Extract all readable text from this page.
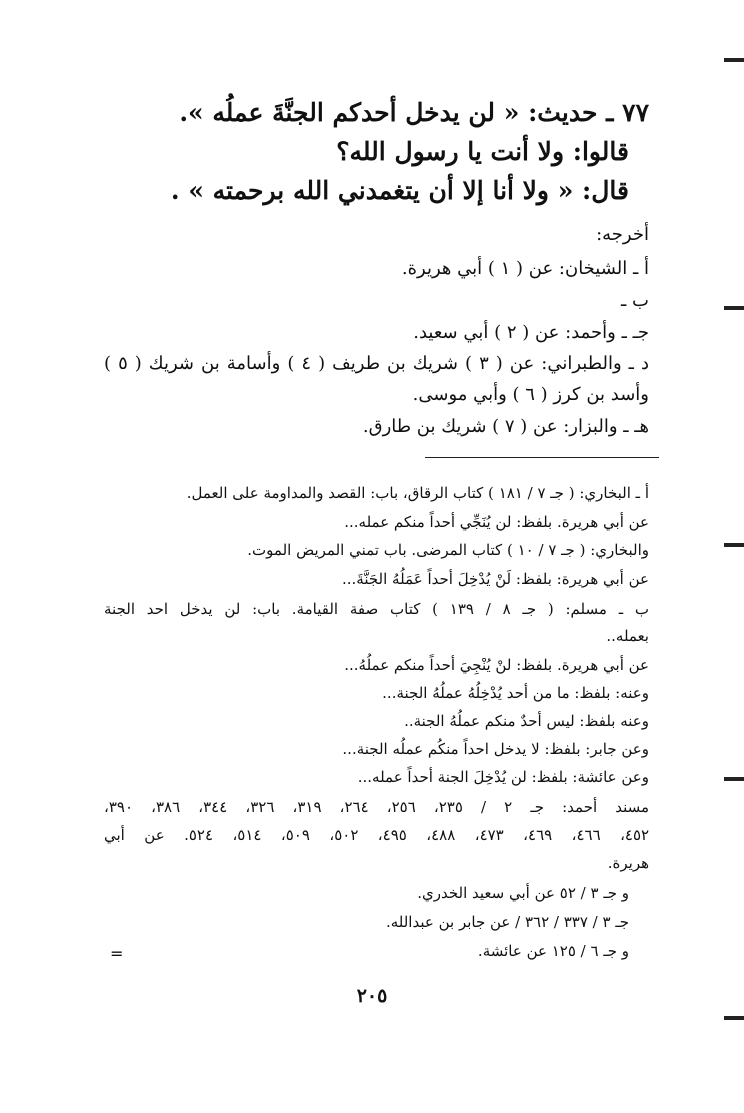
٧٧ ـ حديث: « لن يدخل أحدكم الجنَّةَ عملُه ».
قالوا: ولا أنت يا رسول الله؟
قال: « ولا أنا إلا أن يتغمدني الله برحمته » .
أخرجه:
أ ـ الشيخان: عن ( ١ ) أبي هريرة.
ب ـ
جـ ـ وأحمد: عن ( ٢ ) أبي سعيد.
د ـ والطبراني: عن ( ٣ ) شريك بن طريف ( ٤ ) وأسامة بن شريك ( ٥ )
وأسد بن كرز ( ٦ ) وأبي موسى.
هـ ـ والبزار: عن ( ٧ ) شريك بن طارق.
أ ـ البخاري: ( جـ ٧ / ١٨١ ) كتاب الرقاق، باب: القصد والمداومة على العمل.
عن أبي هريرة. بلفظ: لن يُنَجِّي أحداً منكم عمله...
والبخاري: ( جـ ٧ / ١٠ ) كتاب المرضى. باب تمني المريض الموت.
عن أبي هريرة: بلفظ: لَنْ يُدْخِلَ أحداً عَمَلُهُ الجَنَّةَ...
ب ـ مسلم: ( جـ ٨ / ١٣٩ ) كتاب صفة القيامة. باب: لن يدخل احد الجنة
بعمله..
عن أبي هريرة. بلفظ: لنْ يُنْجِيَ أحداً منكم عملُهُ...
وعنه: بلفظ: ما من أحد يُدْخِلُهُ عملُهُ الجنة...
وعنه بلفظ: ليس أحدٌ منكم عملُهُ الجنة..
وعن جابر: بلفظ: لا يدخل احداً منكُم عملُه الجنة...
وعن عائشة: بلفظ: لن يُدْخِلَ الجنة أحداً عمله...
مسند أحمد: جـ ٢ / ٢٣٥، ٢٥٦، ٢٦٤، ٣١٩، ٣٢٦، ٣٤٤، ٣٨٦، ٣٩٠،
٤٥٢، ٤٦٦، ٤٦٩، ٤٧٣، ٤٨٨، ٤٩٥، ٥٠٢، ٥٠٩، ٥١٤، ٥٢٤. عن أبي
هريرة.
و جـ ٣ / ٥٢ عن أبي سعيد الخدري.
جـ ٣ / ٣٣٧ / ٣٦٢ / عن جابر بن عبدالله.
و جـ ٦ / ١٢٥ عن عائشة.
=
٢٠٥
